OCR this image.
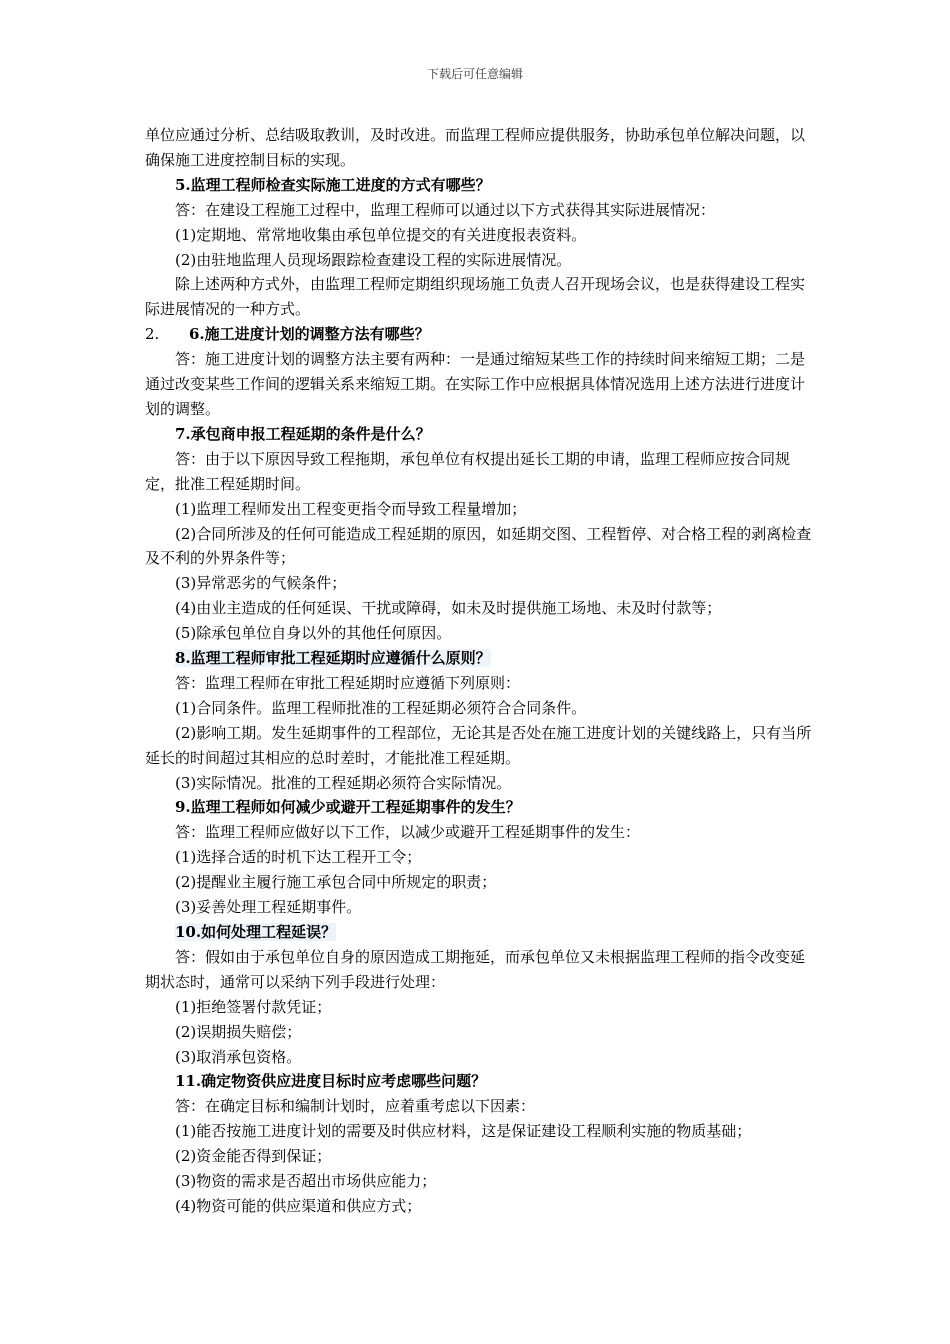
下载后可任意编辑

单位应通过分析、总结吸取教训，及时改进。而监理工程师应提供服务，协助承包单位解决问题，以确保施工进度控制目标的实现。

5.监理工程师检查实际施工进度的方式有哪些？

答：在建设工程施工过程中，监理工程师可以通过以下方式获得其实际进展情况：

(1)定期地、常常地收集由承包单位提交的有关进度报表资料。

(2)由驻地监理人员现场跟踪检查建设工程的实际进展情况。

除上述两种方式外，由监理工程师定期组织现场施工负责人召开现场会议，也是获得建设工程实际进展情况的一种方式。

2. 6.施工进度计划的调整方法有哪些？

答：施工进度计划的调整方法主要有两种：一是通过缩短某些工作的持续时间来缩短工期；二是通过改变某些工作间的逻辑关系来缩短工期。在实际工作中应根据具体情况选用上述方法进行进度计划的调整。

7.承包商申报工程延期的条件是什么？

答：由于以下原因导致工程拖期，承包单位有权提出延长工期的申请，监理工程师应按合同规定，批准工程延期时间。

(1)监理工程师发出工程变更指令而导致工程量增加；

(2)合同所涉及的任何可能造成工程延期的原因，如延期交图、工程暂停、对合格工程的剥离检查及不利的外界条件等；

(3)异常恶劣的气候条件；

(4)由业主造成的任何延误、干扰或障碍，如未及时提供施工场地、未及时付款等；

(5)除承包单位自身以外的其他任何原因。

8.监理工程师审批工程延期时应遵循什么原则？

答：监理工程师在审批工程延期时应遵循下列原则：

(1)合同条件。监理工程师批准的工程延期必须符合合同条件。

(2)影响工期。发生延期事件的工程部位，无论其是否处在施工进度计划的关键线路上，只有当所延长的时间超过其相应的总时差时，才能批准工程延期。

(3)实际情况。批准的工程延期必须符合实际情况。

9.监理工程师如何减少或避开工程延期事件的发生？

答：监理工程师应做好以下工作，以减少或避开工程延期事件的发生：

(1)选择合适的时机下达工程开工令；

(2)提醒业主履行施工承包合同中所规定的职责；

(3)妥善处理工程延期事件。

10.如何处理工程延误？

答：假如由于承包单位自身的原因造成工期拖延，而承包单位又未根据监理工程师的指令改变延期状态时，通常可以采纳下列手段进行处理：

(1)拒绝签署付款凭证；

(2)误期损失赔偿；

(3)取消承包资格。

11.确定物资供应进度目标时应考虑哪些问题？

答：在确定目标和编制计划时，应着重考虑以下因素：

(1)能否按施工进度计划的需要及时供应材料，这是保证建设工程顺利实施的物质基础；

(2)资金能否得到保证；

(3)物资的需求是否超出市场供应能力；

(4)物资可能的供应渠道和供应方式；
